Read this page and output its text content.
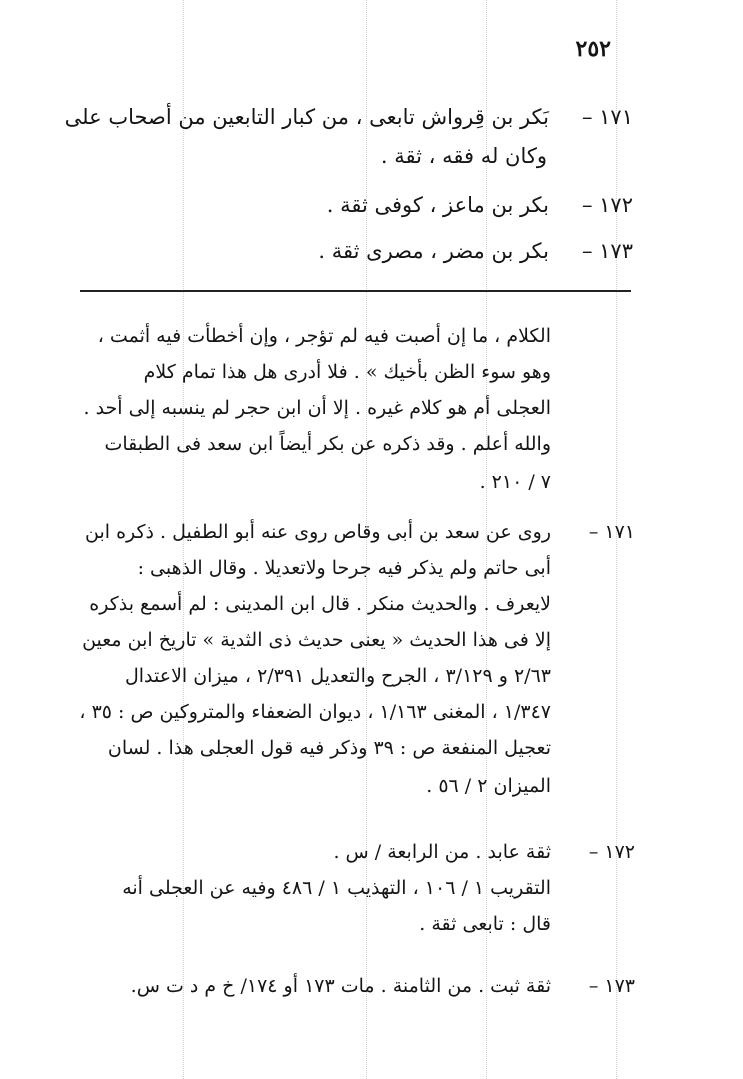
٢٥٢
١٧١ –بَكر بن قِرواش تابعى ، من كبار التابعين من أصحاب على
وكان له فقه ، ثقة .
١٧٢ –بكر بن ماعز ، كوفى ثقة .
١٧٣ –بكر بن مضر ، مصرى ثقة .
الكلام ، ما إن أصبت فيه لم تؤجر ، وإن أخطأت فيه أثمت ،
وهو سوء الظن بأخيك » . فلا أدرى هل هذا تمام كلام
العجلى أم هو كلام غيره . إلا أن ابن حجر لم ينسبه إلى أحد .
والله أعلم . وقد ذكره عن بكر أيضاً ابن سعد فى الطبقات
٧ / ٢١٠ .
١٧١ –
روى عن سعد بن أبى وقاص روى عنه أبو الطفيل . ذكره ابن
أبى حاتم ولم يذكر فيه جرحا ولاتعديلا . وقال الذهبى :
لايعرف . والحديث منكر . قال ابن المدينى : لم أسمع بذكره
إلا فى هذا الحديث « يعنى حديث ذى الثدية » تاريخ ابن معين
٢/٦٣ و ٣/١٢٩ ، الجرح والتعديل ٢/٣٩١ ، ميزان الاعتدال
١/٣٤٧ ، المغنى ١/١٦٣ ، ديوان الضعفاء والمتروكين ص : ٣٥ ،
تعجيل المنفعة ص : ٣٩ وذكر فيه قول العجلى هذا . لسان
الميزان ٢ / ٥٦ .
١٧٢ –
ثقة عابد . من الرابعة / س .
التقريب ١ / ١٠٦ ، التهذيب ١ / ٤٨٦ وفيه عن العجلى أنه
قال : تابعى ثقة .
١٧٣ –
ثقة ثبت . من الثامنة . مات ١٧٣ أو ١٧٤/ خ م د ت س.
